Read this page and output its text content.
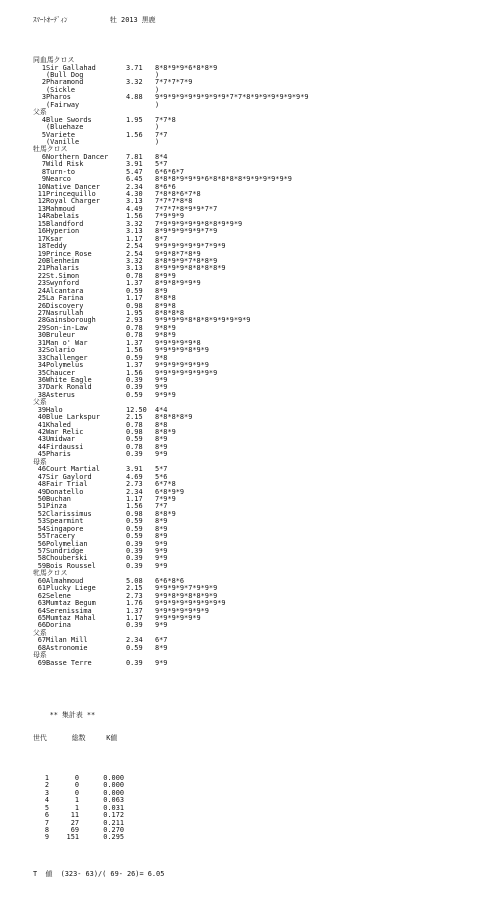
ｽﾏｰﾄｵｰﾃﾞｨﾝ	牡 2013 黒鹿

同血馬クロス
1Sir Gallahad	3.71 8*8*9*9*6*8*8*9
(Bull Dog	)
2Pharamond	3.32 7*7*7*7*9
(Sickle	)
3Pharos	4.88 9*9*9*9*9*9*9*9*9*7*7*8*9*9*9*9*9*9*9
(Fairway	)
父系
4Blue Swords	1.95 7*7*8
(Bluehaze	)
5Variete	1.56 7*7
(Vanille	)
牡馬クロス
6Northern Dancer	7.81 8*4
7Wild Risk	3.91 5*7
8Turn-to	5.47 6*6*6*7
9Nearco	6.45 8*8*8*9*9*9*6*8*8*8*8*9*9*9*9*9*9
10Native Dancer	2.34 8*6*6
11Princequillo	4.30 7*8*8*6*7*8
12Royal Charger	3.13 7*7*7*8*8
13Mahmoud	4.49 7*7*7*8*9*9*7*7
14Rabelais	1.56 7*9*9*9
15Blandford	3.32 7*9*9*9*9*9*8*8*9*9*9
16Hyperion	3.13 8*9*9*9*9*9*7*9
17Ksar	1.17 8*7
18Teddy	2.54 9*9*9*9*9*9*7*9*9
19Prince Rose	2.54 9*9*8*7*8*9
20Blenheim	3.32 8*8*9*9*7*8*8*9
21Phalaris	3.13 8*9*9*9*8*8*8*8*9
22St.Simon	0.78 8*9*9
23Swynford	1.37 8*9*8*9*9*9
24Alcantara	0.59 8*9
25La Farina	1.17 8*8*8
26Discovery	0.98 8*9*8
27Nasrullah	1.95 8*8*8*8
28Gainsborough	2.93 9*9*9*9*8*8*8*9*9*9*9*9
29Son-in-Law	0.78 9*8*9
30Bruleur	0.78 9*8*9
31Man o' War	1.37 9*9*9*9*9*8
32Solario	1.56 9*9*9*9*8*9*9
33Challenger	0.59 9*8
34Polymelus	1.37 9*9*9*9*9*9*9
35Chaucer	1.56 9*9*9*9*9*9*9*9
36White Eagle	0.39 9*9
37Dark Ronald	0.39 9*9
38Asterus	0.59 9*9*9
父系
39Halo	12.50 4*4
40Blue Larkspur	2.15 8*8*8*8*9
41Khaled	0.78 8*8
42War Relic	0.98 8*8*9
43Umidwar	0.59 8*9
44Firdaussi	0.78 8*9
45Pharis	0.39 9*9
母系
46Court Martial	3.91 5*7
47Sir Gaylord	4.69 5*6
48Fair Trial	2.73 6*7*8
49Donatello	2.34 6*8*9*9
50Buchan	1.17 7*9*9
51Pinza	1.56 7*7
52Clarissimus	0.98 8*8*9
53Spearmint	0.59 8*9
54Singapore	0.59 8*9
55Tracery	0.59 8*9
56Polymelian	0.39 9*9
57Sundridge	0.39 9*9
58Chouberski	0.39 9*9
59Bois Roussel	0.39 9*9
牝馬クロス
60Almahmoud	5.08 6*6*8*6
61Plucky Liege	2.15 9*9*9*9*7*9*9*9
62Selene	2.73 9*9*8*9*8*8*9*9
63Mumtaz Begum	1.76 9*9*9*9*9*9*9*9*9
64Serenissima	1.37 9*9*9*9*9*9*9
65Mumtaz Mahal	1.17 9*9*9*9*9*9
66Dorina	0.39 9*9
父系
67Milan Mill	2.34 6*7
68Astronomie	0.59 8*9
母系
69Basse Terre	0.39 9*9

** 集計表 **

世代	総数	K値

1	0	0.000
2	0	0.000
3	0	0.000
4	1	0.063
5	1	0.031
6	11	0.172
7	27	0.211
8	69	0.270
9	151	0.295

T  値  (323- 63)/( 69- 26)= 6.05
